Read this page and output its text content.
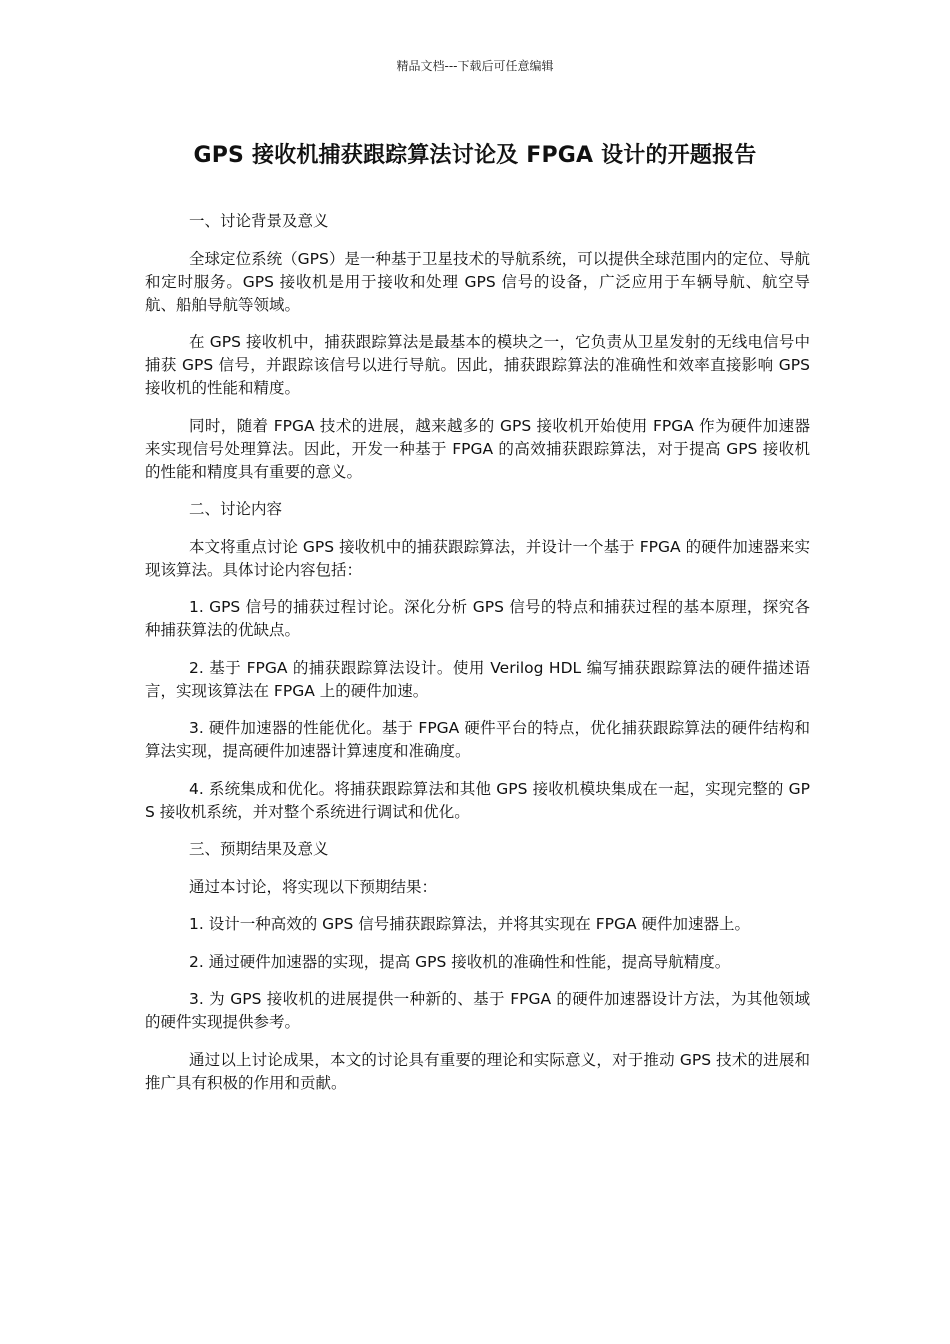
精品文档---下载后可任意编辑
GPS 接收机捕获跟踪算法讨论及 FPGA 设计的开题报告

一、讨论背景及意义

全球定位系统（GPS）是一种基于卫星技术的导航系统，可以提供全球范围内的定位、导航和定时服务。GPS 接收机是用于接收和处理 GPS 信号的设备，广泛应用于车辆导航、航空导航、船舶导航等领域。

在 GPS 接收机中，捕获跟踪算法是最基本的模块之一，它负责从卫星发射的无线电信号中捕获 GPS 信号，并跟踪该信号以进行导航。因此，捕获跟踪算法的准确性和效率直接影响 GPS 接收机的性能和精度。

同时，随着 FPGA 技术的进展，越来越多的 GPS 接收机开始使用 FPGA 作为硬件加速器来实现信号处理算法。因此，开发一种基于 FPGA 的高效捕获跟踪算法，对于提高 GPS 接收机的性能和精度具有重要的意义。

二、讨论内容

本文将重点讨论 GPS 接收机中的捕获跟踪算法，并设计一个基于 FPGA 的硬件加速器来实现该算法。具体讨论内容包括：

1. GPS 信号的捕获过程讨论。深化分析 GPS 信号的特点和捕获过程的基本原理，探究各种捕获算法的优缺点。

2. 基于 FPGA 的捕获跟踪算法设计。使用 Verilog HDL 编写捕获跟踪算法的硬件描述语言，实现该算法在 FPGA 上的硬件加速。

3. 硬件加速器的性能优化。基于 FPGA 硬件平台的特点，优化捕获跟踪算法的硬件结构和算法实现，提高硬件加速器计算速度和准确度。

4. 系统集成和优化。将捕获跟踪算法和其他 GPS 接收机模块集成在一起，实现完整的 GPS 接收机系统，并对整个系统进行调试和优化。

三、预期结果及意义

通过本讨论，将实现以下预期结果：

1. 设计一种高效的 GPS 信号捕获跟踪算法，并将其实现在 FPGA 硬件加速器上。

2. 通过硬件加速器的实现，提高 GPS 接收机的准确性和性能，提高导航精度。

3. 为 GPS 接收机的进展提供一种新的、基于 FPGA 的硬件加速器设计方法，为其他领域的硬件实现提供参考。

通过以上讨论成果，本文的讨论具有重要的理论和实际意义，对于推动 GPS 技术的进展和推广具有积极的作用和贡献。
